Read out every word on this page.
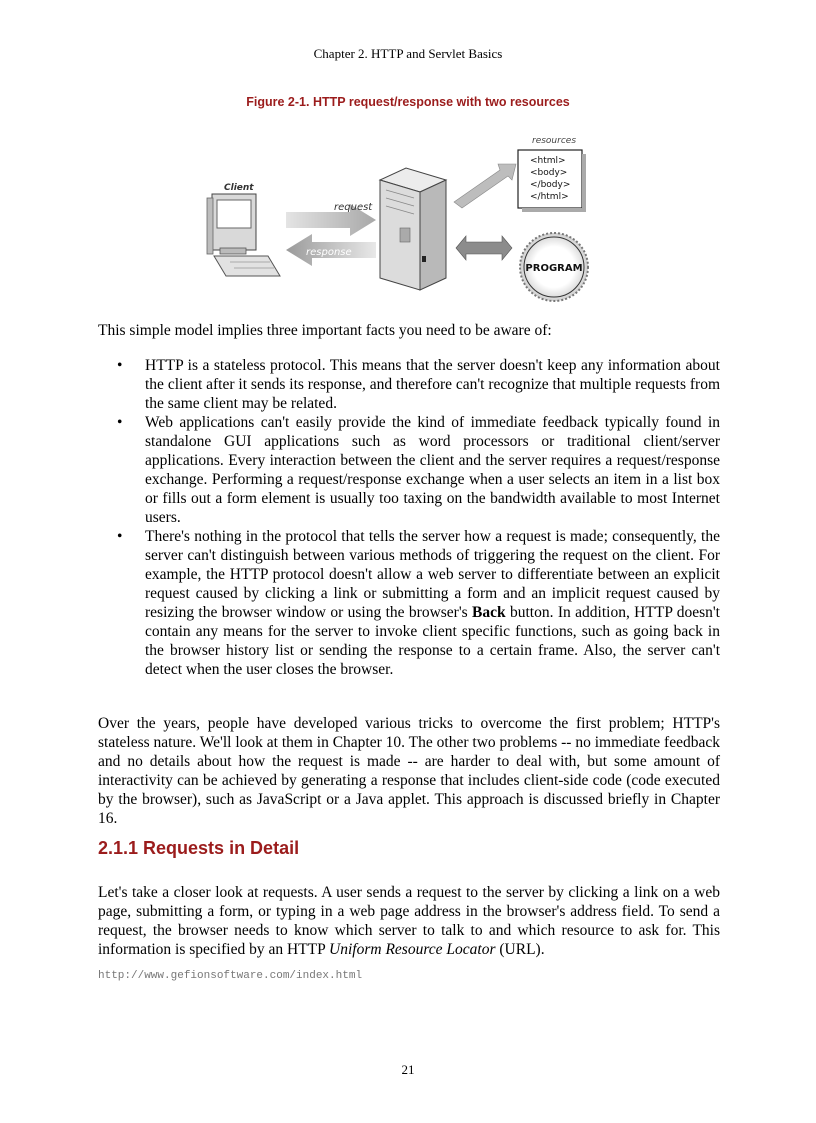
Chapter 2. HTTP and Servlet Basics
Figure 2-1. HTTP request/response with two resources
Client
request
response
resources
<html>
<body>
</body>
</html>
PROGRAM
This simple model implies three important facts you need to be aware of:
• HTTP is a stateless protocol. This means that the server doesn't keep any information about the client after it sends its response, and therefore can't recognize that multiple requests from the same client may be related.
• Web applications can't easily provide the kind of immediate feedback typically found in standalone GUI applications such as word processors or traditional client/server applications. Every interaction between the client and the server requires a request/response exchange. Performing a request/response exchange when a user selects an item in a list box or fills out a form element is usually too taxing on the bandwidth available to most Internet users.
• There's nothing in the protocol that tells the server how a request is made; consequently, the server can't distinguish between various methods of triggering the request on the client. For example, the HTTP protocol doesn't allow a web server to differentiate between an explicit request caused by clicking a link or submitting a form and an implicit request caused by resizing the browser window or using the browser's Back button. In addition, HTTP doesn't contain any means for the server to invoke client specific functions, such as going back in the browser history list or sending the response to a certain frame. Also, the server can't detect when the user closes the browser.

Over the years, people have developed various tricks to overcome the first problem; HTTP's stateless nature. We'll look at them in Chapter 10. The other two problems -- no immediate feedback and no details about how the request is made -- are harder to deal with, but some amount of interactivity can be achieved by generating a response that includes client-side code (code executed by the browser), such as JavaScript or a Java applet. This approach is discussed briefly in Chapter 16.

2.1.1 Requests in Detail

Let's take a closer look at requests. A user sends a request to the server by clicking a link on a web page, submitting a form, or typing in a web page address in the browser's address field. To send a request, the browser needs to know which server to talk to and which resource to ask for. This information is specified by an HTTP Uniform Resource Locator (URL).

http://www.gefionsoftware.com/index.html
21
